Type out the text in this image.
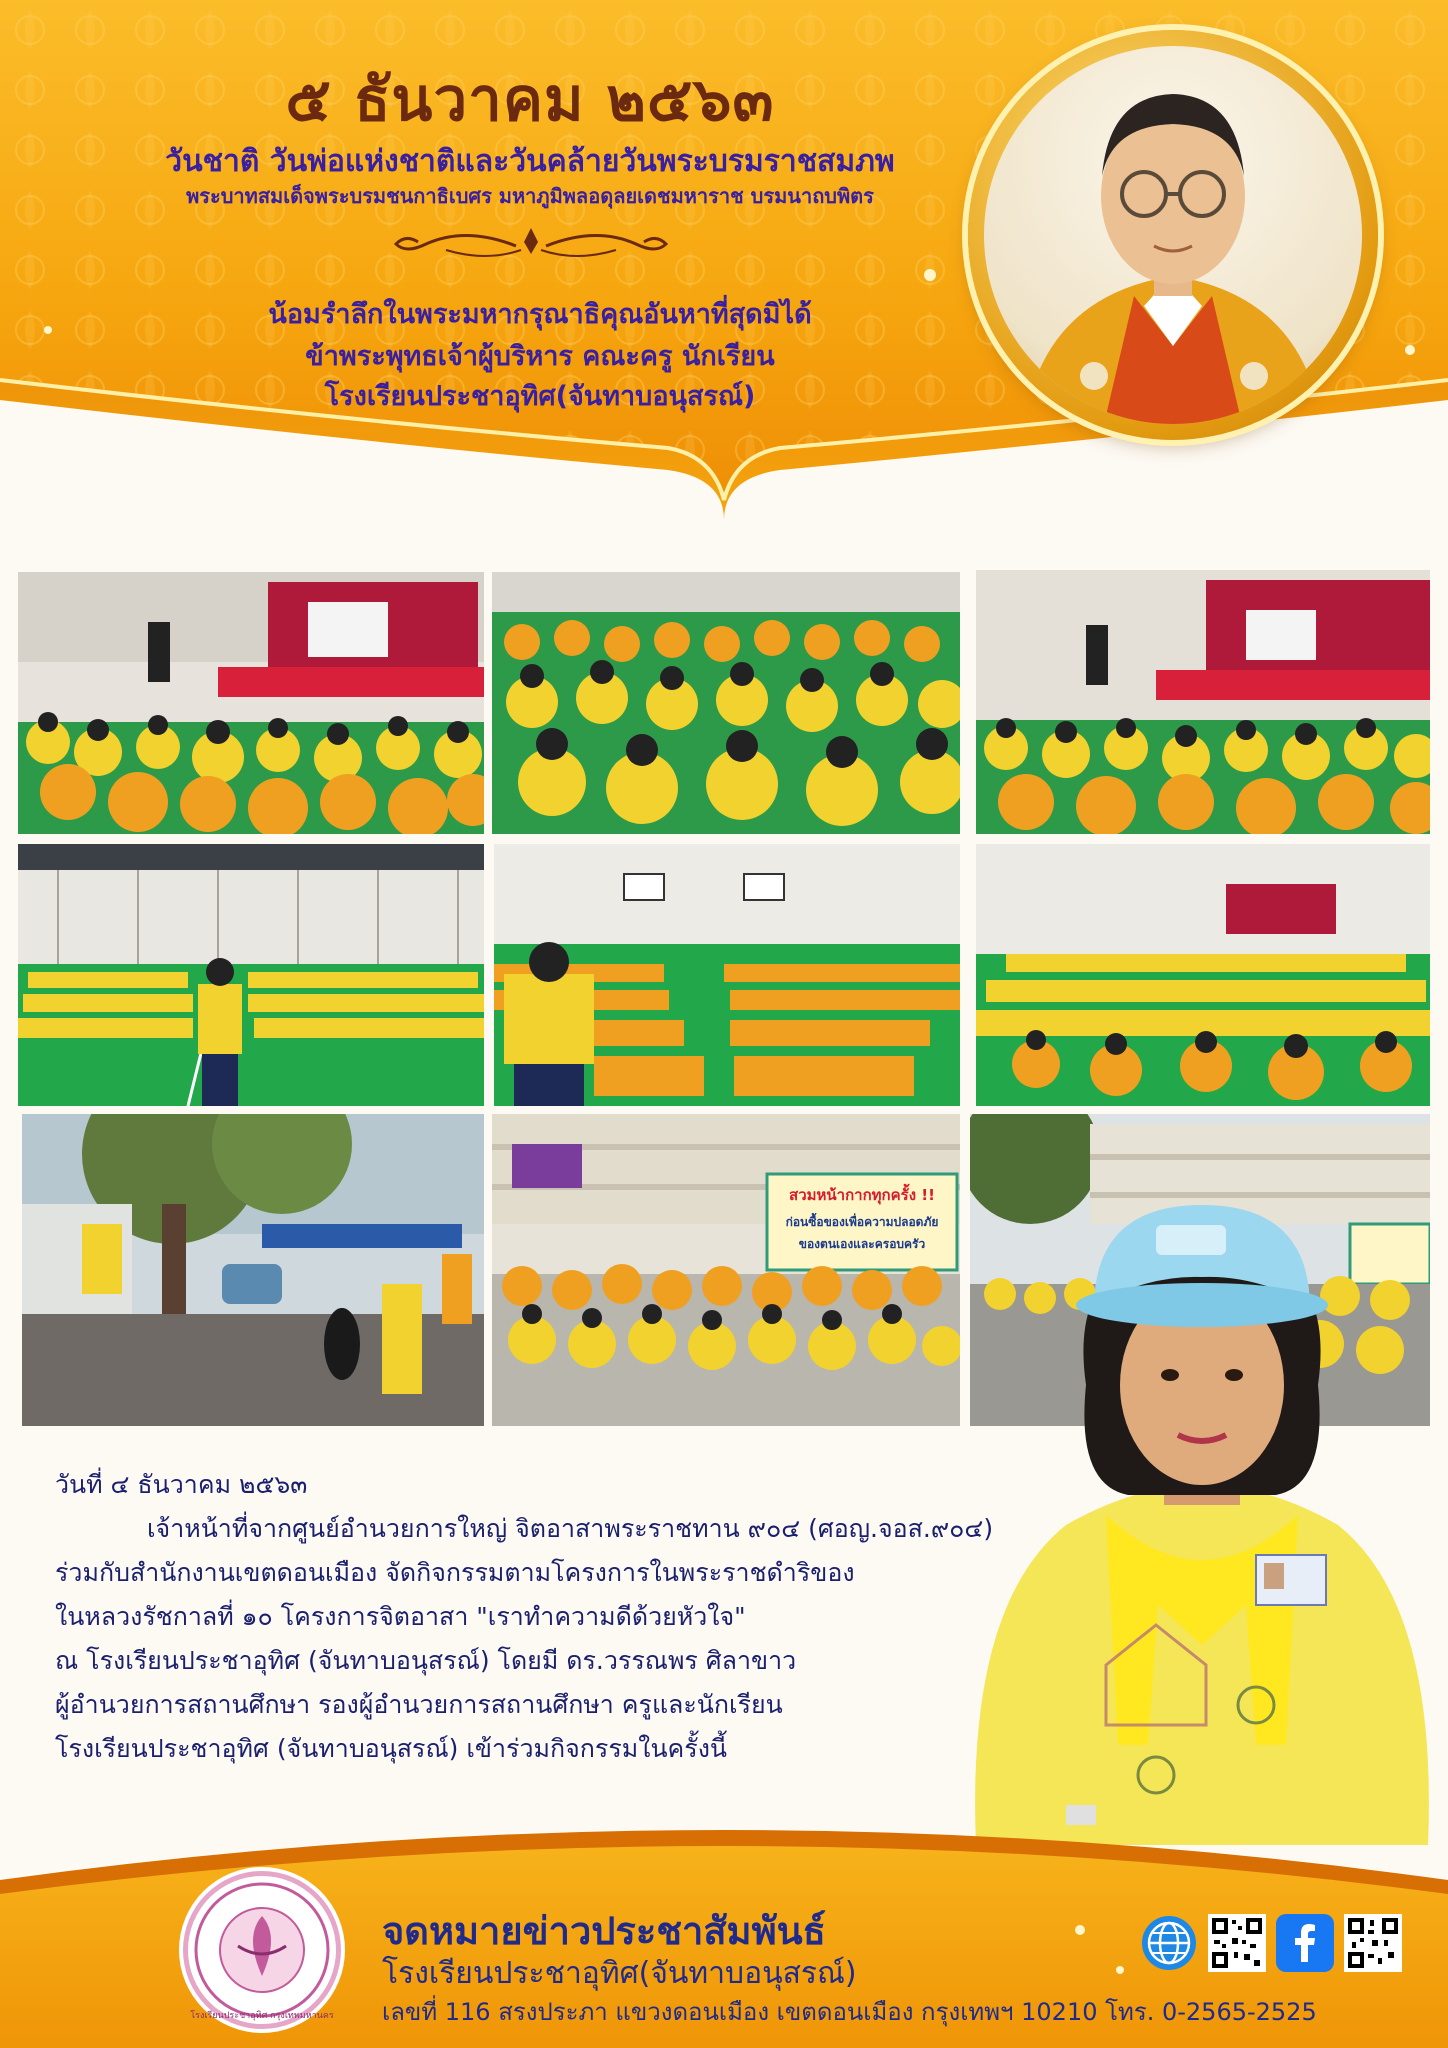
๕ ธันวาคม ๒๕๖๓
วันชาติ วันพ่อแห่งชาติและวันคล้ายวันพระบรมราชสมภพ
พระบาทสมเด็จพระบรมชนกาธิเบศร มหาภูมิพลอดุลยเดชมหาราช บรมนาถบพิตร
น้อมรำลึกในพระมหากรุณาธิคุณอันหาที่สุดมิได้
ข้าพระพุทธเจ้าผู้บริหาร คณะครู นักเรียน
โรงเรียนประชาอุทิศ(จันทาบอนุสรณ์)
สวมหน้ากากทุกครั้ง !!
ก่อนซื้อของเพื่อความปลอดภัย
ของตนเองและครอบครัว
วันที่ ๔ ธันวาคม ๒๕๖๓
เจ้าหน้าที่จากศูนย์อำนวยการใหญ่ จิตอาสาพระราชทาน ๙๐๔ (ศอญ.จอส.๙๐๔)
ร่วมกับสำนักงานเขตดอนเมือง จัดกิจกรรมตามโครงการในพระราชดำริของ
ในหลวงรัชกาลที่ ๑๐ โครงการจิตอาสา "เราทำความดีด้วยหัวใจ"
ณ โรงเรียนประชาอุทิศ (จันทาบอนุสรณ์) โดยมี ดร.วรรณพร ศิลาขาว
ผู้อำนวยการสถานศึกษา รองผู้อำนวยการสถานศึกษา ครูและนักเรียน
โรงเรียนประชาอุทิศ (จันทาบอนุสรณ์) เข้าร่วมกิจกรรมในครั้งนี้
โรงเรียนประชาอุทิศ กรุงเทพมหานคร
จดหมายข่าวประชาสัมพันธ์
โรงเรียนประชาอุทิศ(จันทาบอนุสรณ์)
เลขที่ 116 สรงประภา แขวงดอนเมือง เขตดอนเมือง กรุงเทพฯ 10210 โทร. 0-2565-2525
